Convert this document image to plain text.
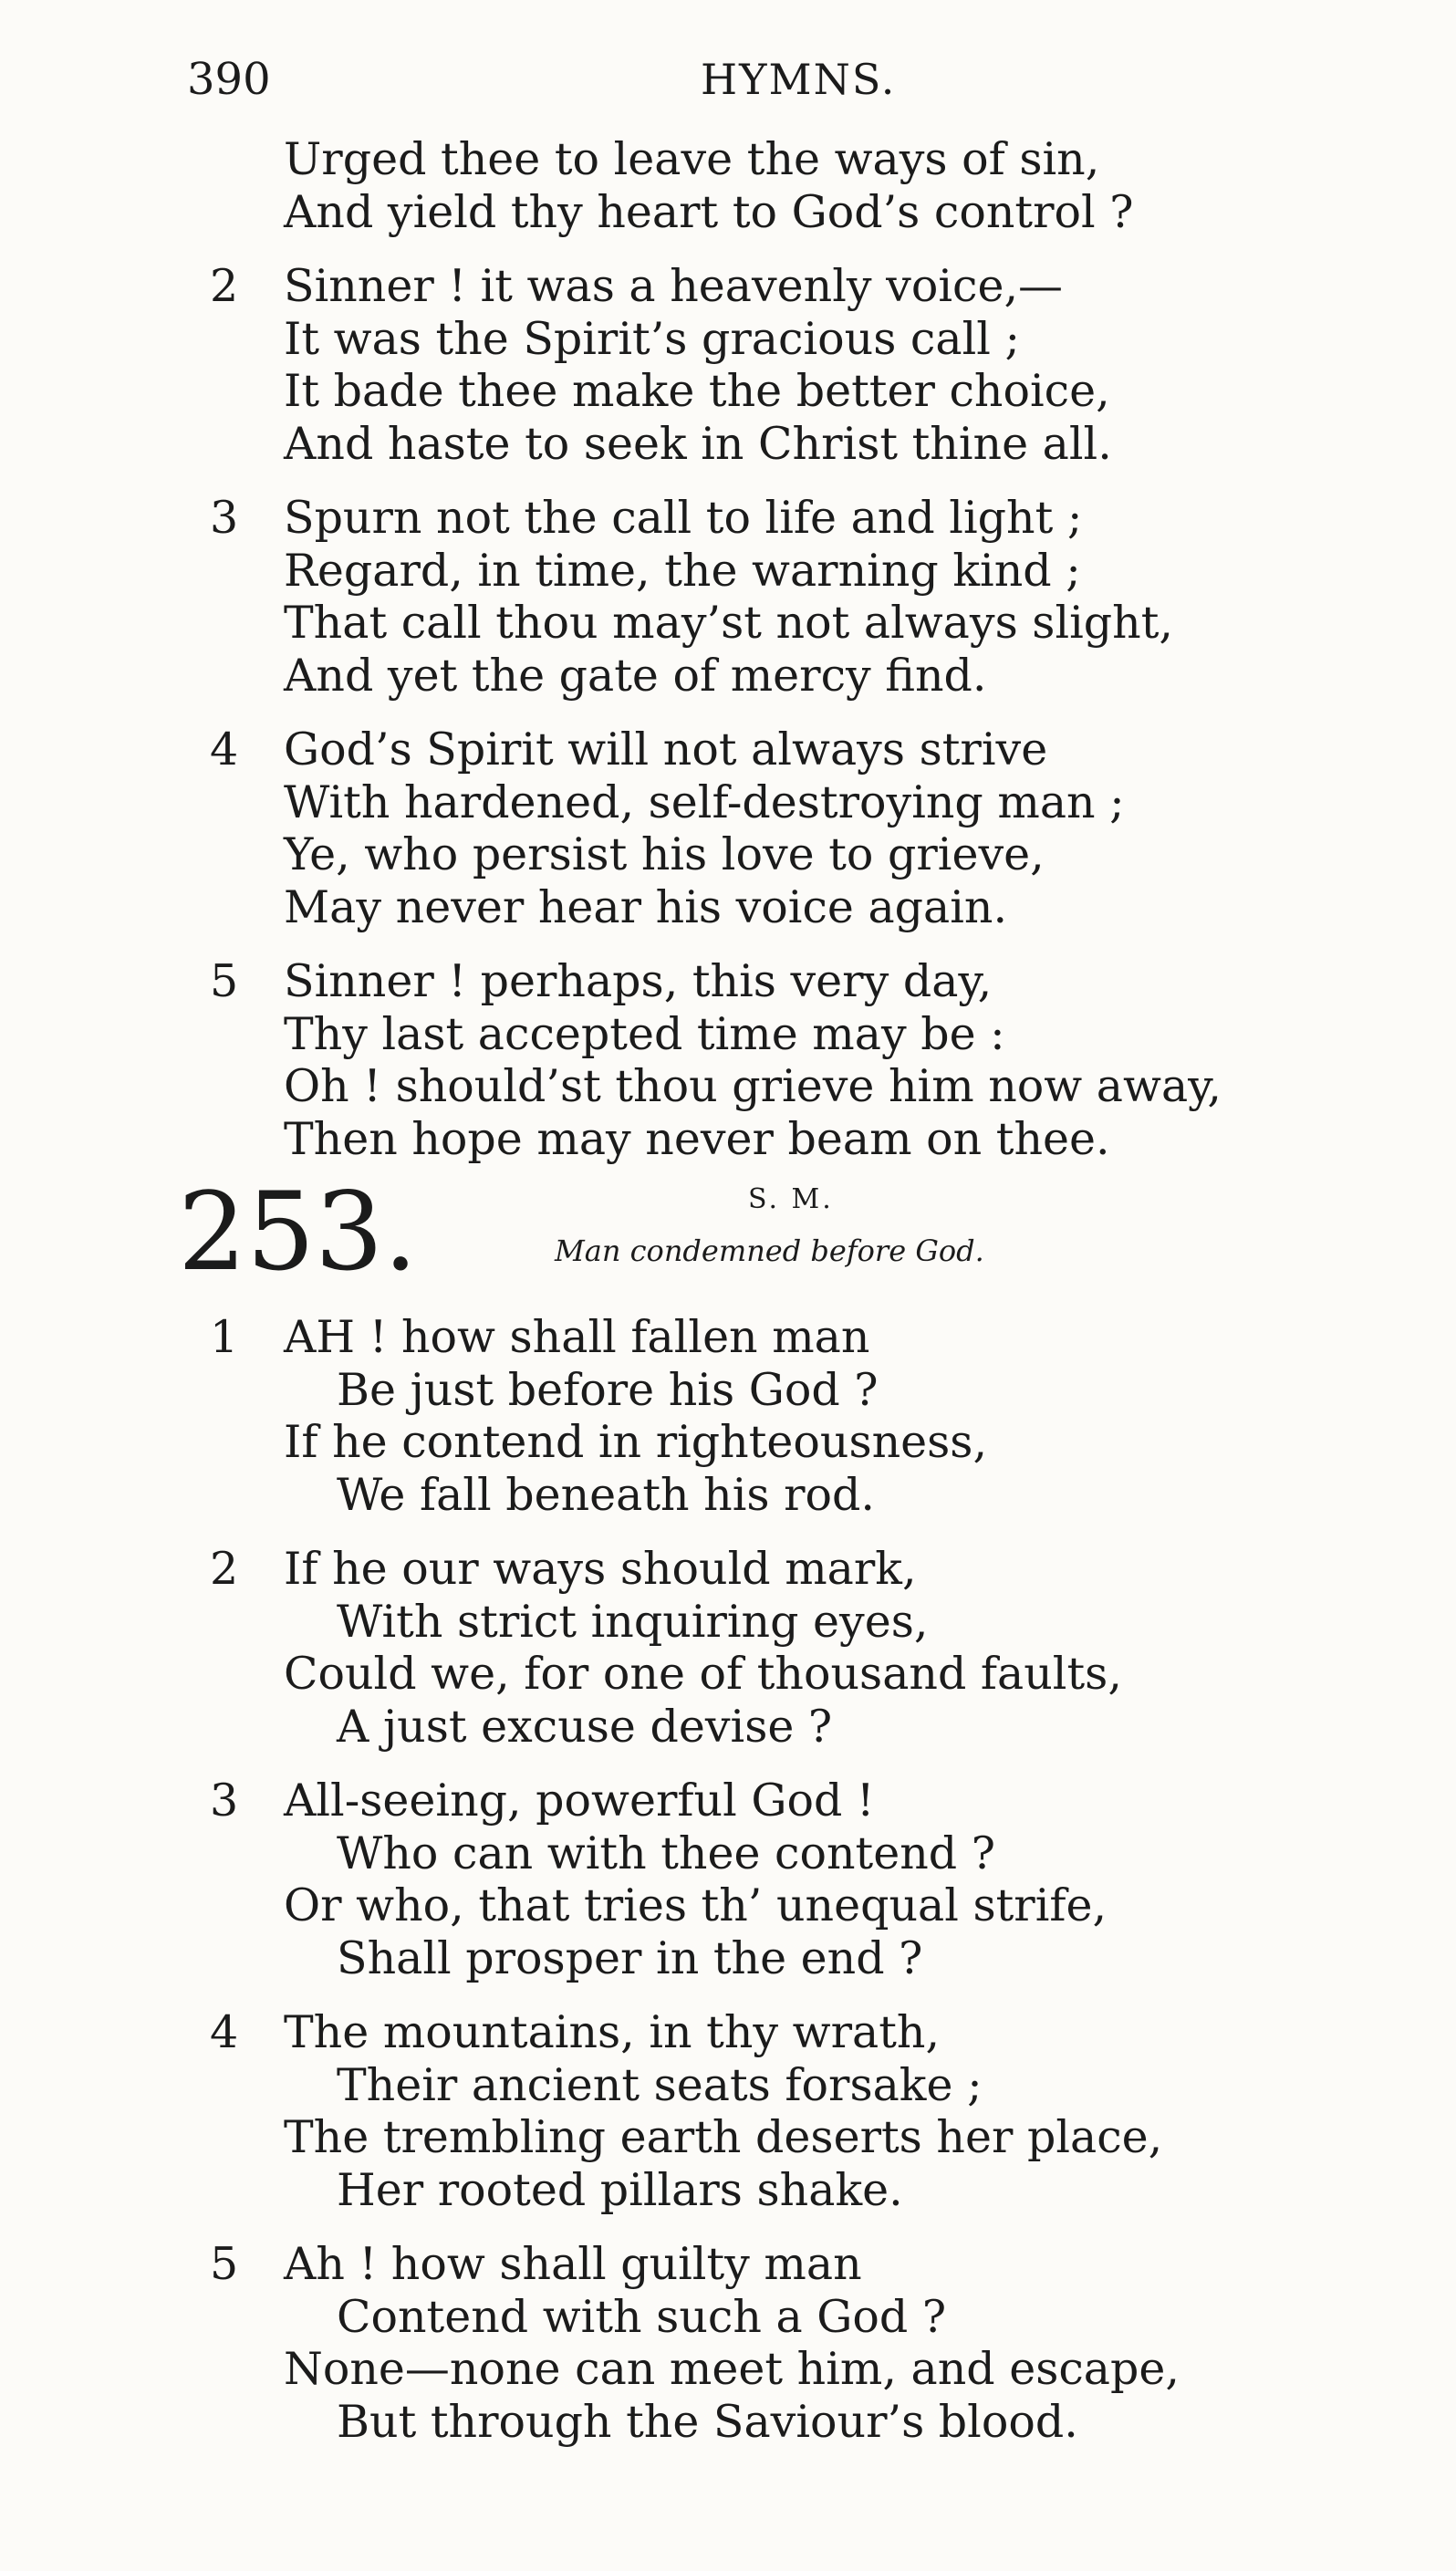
390	HYMNS.
Urged thee to leave the ways of sin,
And yield thy heart to God’s control ?
2 Sinner ! it was a heavenly voice,—
It was the Spirit’s gracious call ;
It bade thee make the better choice,
And haste to seek in Christ thine all.
3 Spurn not the call to life and light ;
Regard, in time, the warning kind ;
That call thou may’st not always slight,
And yet the gate of mercy find.
4 God’s Spirit will not always strive
With hardened, self-destroying man ;
Ye, who persist his love to grieve,
May never hear his voice again.
5 Sinner ! perhaps, this very day,
Thy last accepted time may be :
Oh ! should’st thou grieve him now away,
Then hope may never beam on thee.
253.	S. M.
Man condemned before God.
1 AH ! how shall fallen man
Be just before his God ?
If he contend in righteousness,
We fall beneath his rod.
2 If he our ways should mark,
With strict inquiring eyes,
Could we, for one of thousand faults,
A just excuse devise ?
3 All-seeing, powerful God !
Who can with thee contend ?
Or who, that tries th’ unequal strife,
Shall prosper in the end ?
4 The mountains, in thy wrath,
Their ancient seats forsake ;
The trembling earth deserts her place,
Her rooted pillars shake.
5 Ah ! how shall guilty man
Contend with such a God ?
None—none can meet him, and escape,
But through the Saviour’s blood.
